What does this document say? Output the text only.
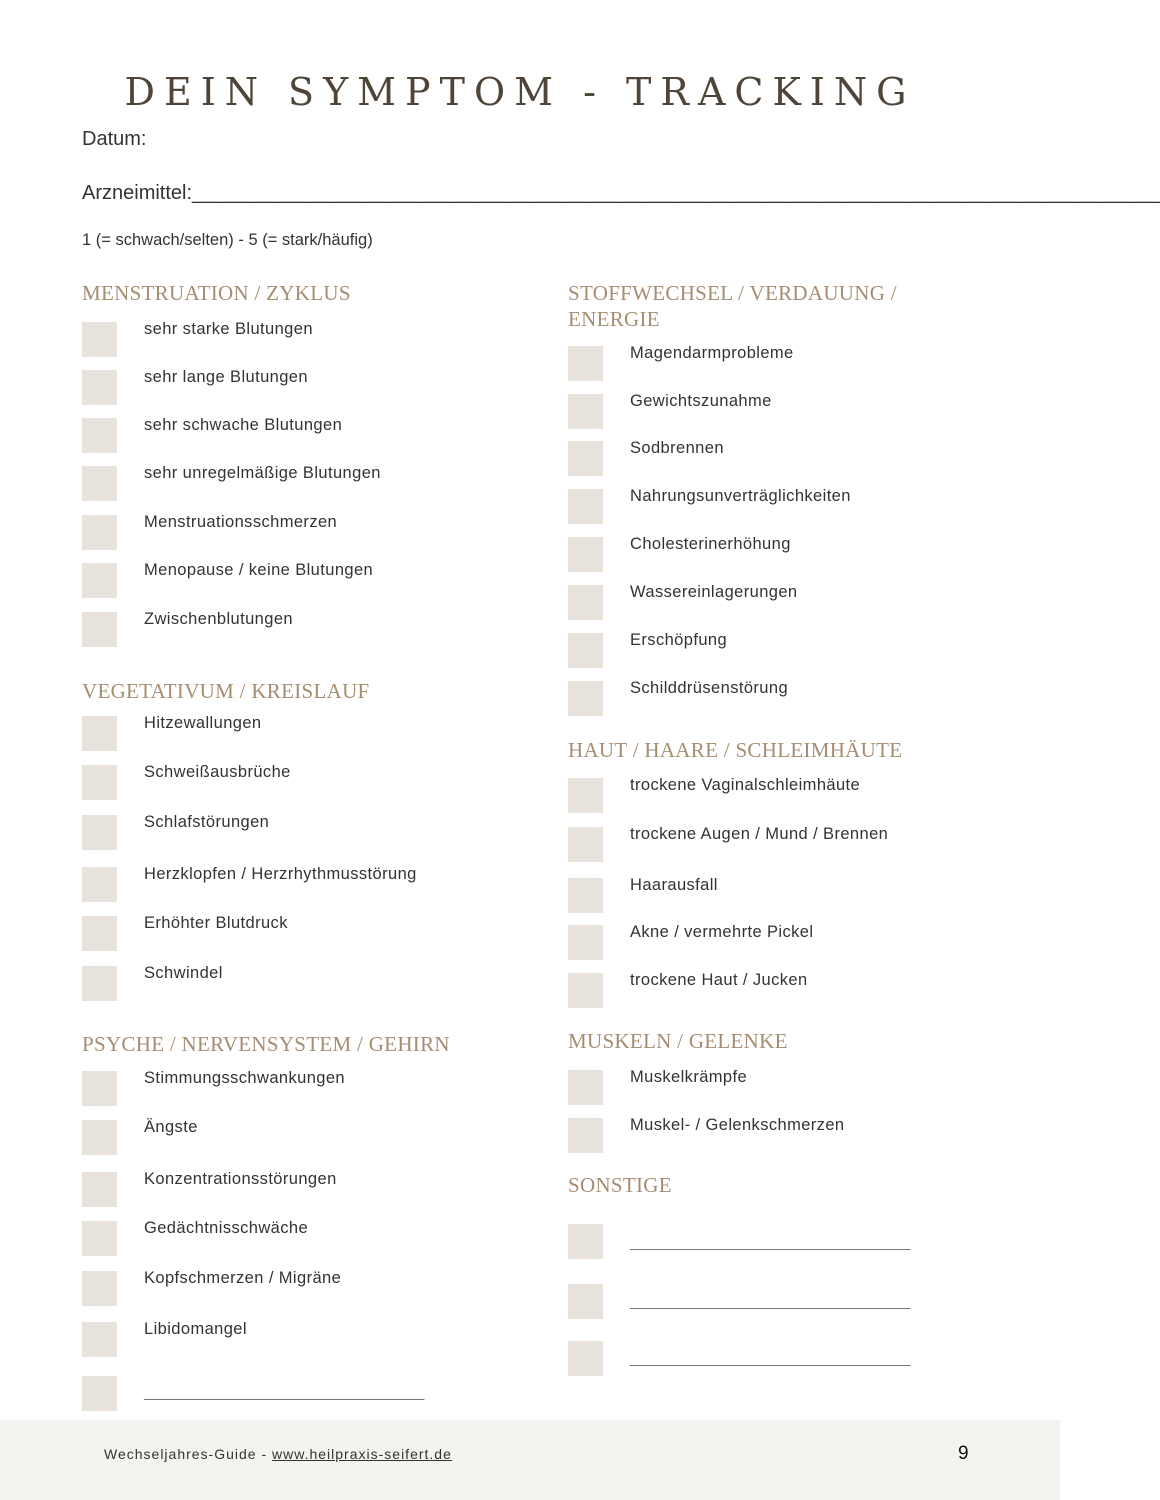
DEIN SYMPTOM - TRACKING
Datum:
Arzneimittel:_______________________________________________________________________________________
1 (= schwach/selten) - 5 (= stark/häufig)
MENSTRUATION / ZYKLUS
sehr starke Blutungen
sehr lange Blutungen
sehr schwache Blutungen
sehr unregelmäßige Blutungen
Menstruationsschmerzen
Menopause / keine Blutungen
Zwischenblutungen
VEGETATIVUM / KREISLAUF
Hitzewallungen
Schweißausbrüche
Schlafstörungen
Herzklopfen / Herzrhythmusstörung
Erhöhter Blutdruck
Schwindel
PSYCHE / NERVENSYSTEM / GEHIRN
Stimmungsschwankungen
Ängste
Konzentrationsstörungen
Gedächtnisschwäche
Kopfschmerzen / Migräne
Libidomangel
____________________________________
STOFFWECHSEL / VERDAUUNG / ENERGIE
Magendarmprobleme
Gewichtszunahme
Sodbrennen
Nahrungsunverträglichkeiten
Cholesterinerhöhung
Wassereinlagerungen
Erschöpfung
Schilddrüsenstörung
HAUT / HAARE / SCHLEIMHÄUTE
trockene Vaginalschleimhäute
trockene Augen / Mund / Brennen
Haarausfall
Akne / vermehrte Pickel
trockene Haut / Jucken
MUSKELN / GELENKE
Muskelkrämpfe
Muskel- / Gelenkschmerzen
SONSTIGE
____________________________________
____________________________________
____________________________________
Wechseljahres-Guide - www.heilpraxis-seifert.de	9
